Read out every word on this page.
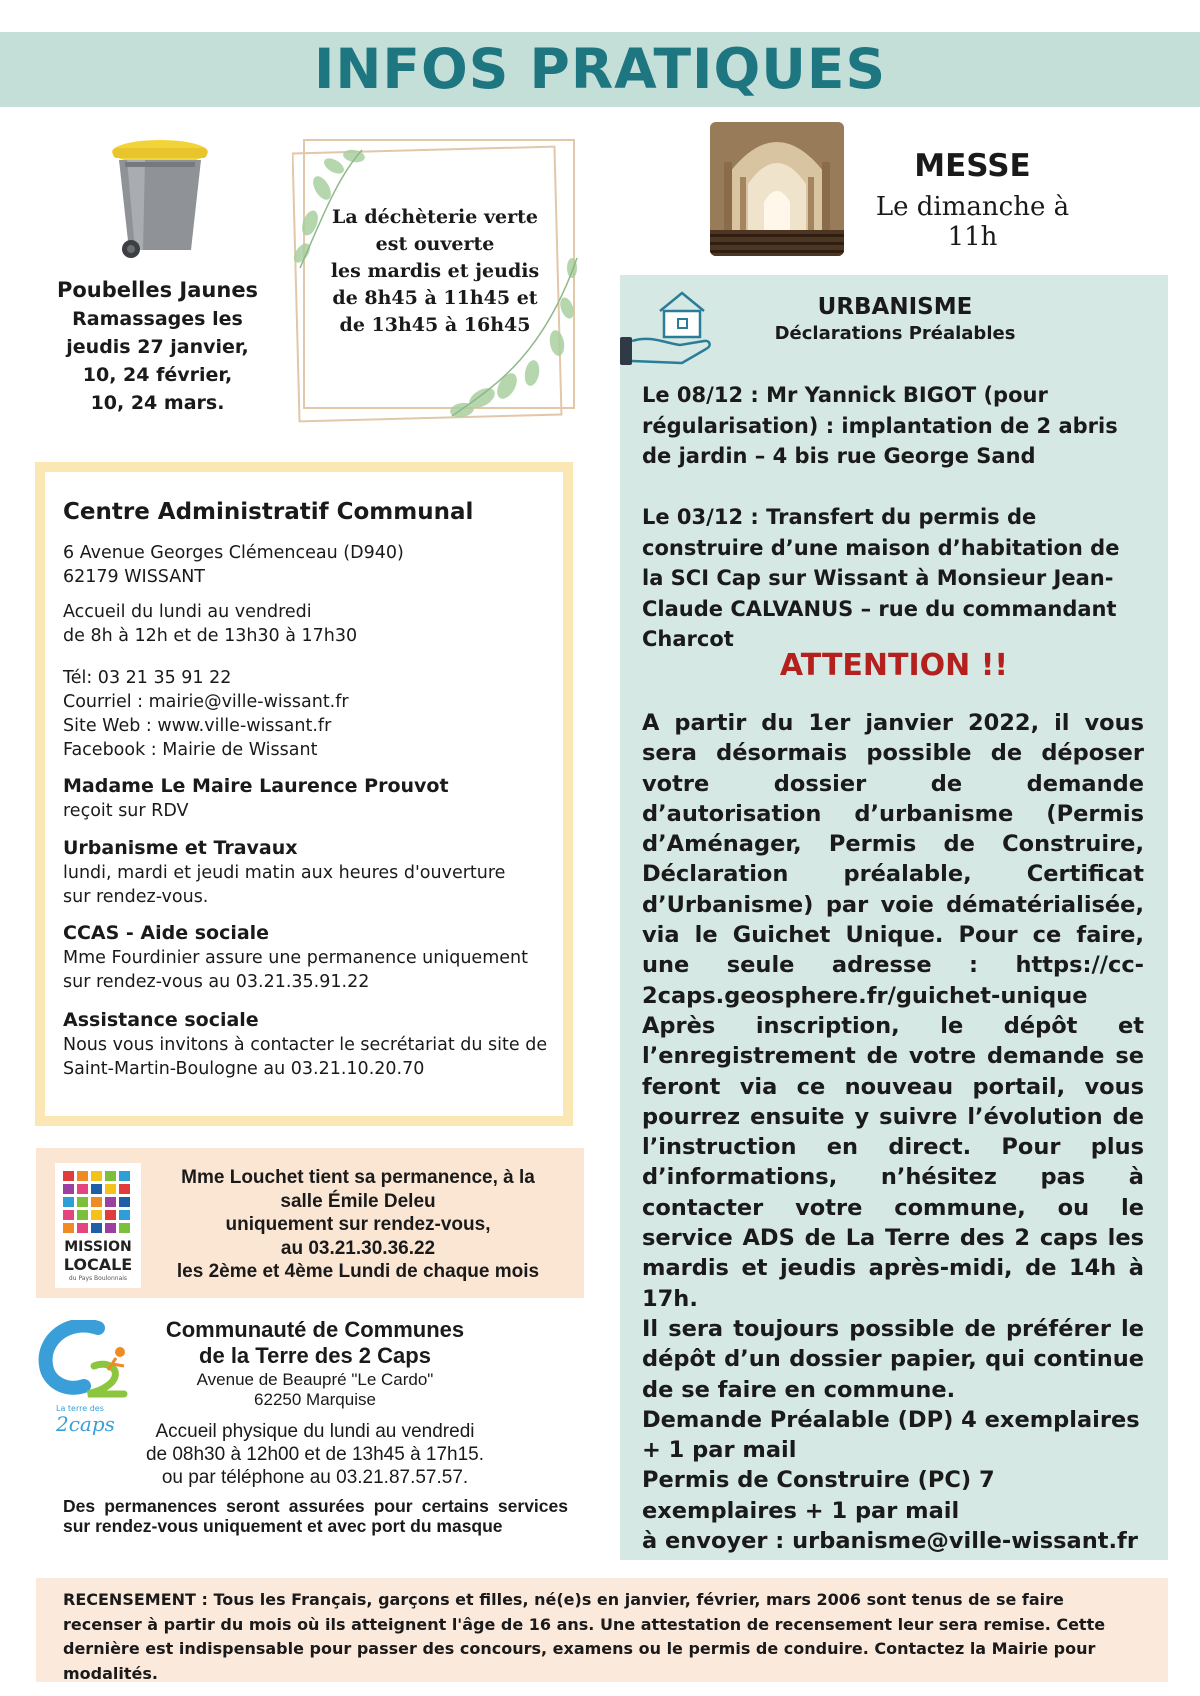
INFOS PRATIQUES
Poubelles Jaunes
Ramassages les
jeudis 27 janvier,
10, 24 février,
10, 24 mars.
La déchèterie verte
est ouverte
les mardis et jeudis
de 8h45 à 11h45 et
de 13h45 à 16h45
MESSE
Le dimanche à 11h
URBANISME
Déclarations Préalables
Le 08/12 : Mr Yannick BIGOT (pour régularisation) : implantation de 2 abris de jardin – 4 bis rue George Sand
Le 03/12 : Transfert du permis de construire d’une maison d’habitation de la SCI Cap sur Wissant à Monsieur Jean-Claude CALVANUS – rue du commandant Charcot
ATTENTION !!

A partir du 1er janvier 2022, il vous sera désormais possible de déposer votre dossier de demande d’autorisation d’urbanisme (Permis d’Aménager, Permis de Construire, Déclaration préalable, Certificat d’Urbanisme) par voie dématérialisée, via le Guichet Unique. Pour ce faire, une seule adresse : https://cc-2caps.geosphere.fr/guichet-unique

Après inscription, le dépôt et l’enregistrement de votre demande se feront via ce nouveau portail, vous pourrez ensuite y suivre l’évolution de l’instruction en direct. Pour plus d’informations, n’hésitez pas à contacter votre commune, ou le service ADS de La Terre des 2 caps les mardis et jeudis après-midi, de 14h à 17h.

Il sera toujours possible de préférer le dépôt d’un dossier papier, qui continue de se faire en commune.

Demande Préalable (DP) 4 exemplaires + 1 par mail

Permis de Construire (PC) 7 exemplaires + 1 par mail

à envoyer : urbanisme@ville-wissant.fr

Centre Administratif Communal
6 Avenue Georges Clémenceau (D940)
62179 WISSANT
Accueil du lundi au vendredi
de 8h à 12h et de 13h30 à 17h30
Tél: 03 21 35 91 22
Courriel : mairie@ville-wissant.fr
Site Web : www.ville-wissant.fr
Facebook : Mairie de Wissant
Madame Le Maire Laurence Prouvot
reçoit sur RDV
Urbanisme et Travaux
lundi, mardi et jeudi matin aux heures d'ouverture
sur rendez-vous.
CCAS - Aide sociale
Mme Fourdinier assure une permanence uniquement
sur rendez-vous au 03.21.35.91.22
Assistance sociale
Nous vous invitons à contacter le secrétariat du site de
Saint-Martin-Boulogne au 03.21.10.20.70
MISSION
LOCALE
du Pays Boulonnais
Mme Louchet tient sa permanence, à la
salle Émile Deleu
uniquement sur rendez-vous,
au 03.21.30.36.22
les 2ème et 4ème Lundi de chaque mois
La terre des
2caps
Communauté de Communes
de la Terre des 2 Caps
Avenue de Beaupré "Le Cardo"
62250 Marquise
Accueil physique du lundi au vendredi
de 08h30 à 12h00 et de 13h45 à 17h15.
ou par téléphone au 03.21.87.57.57.
Des permanences seront assurées pour certains services sur rendez-vous uniquement et avec port du masque
RECENSEMENT : Tous les Français, garçons et filles, né(e)s en janvier, février, mars 2006 sont tenus de se faire recenser à partir du mois où ils atteignent l'âge de 16 ans. Une attestation de recensement leur sera remise. Cette dernière est indispensable pour passer des concours, examens ou le permis de conduire. Contactez la Mairie pour modalités.
